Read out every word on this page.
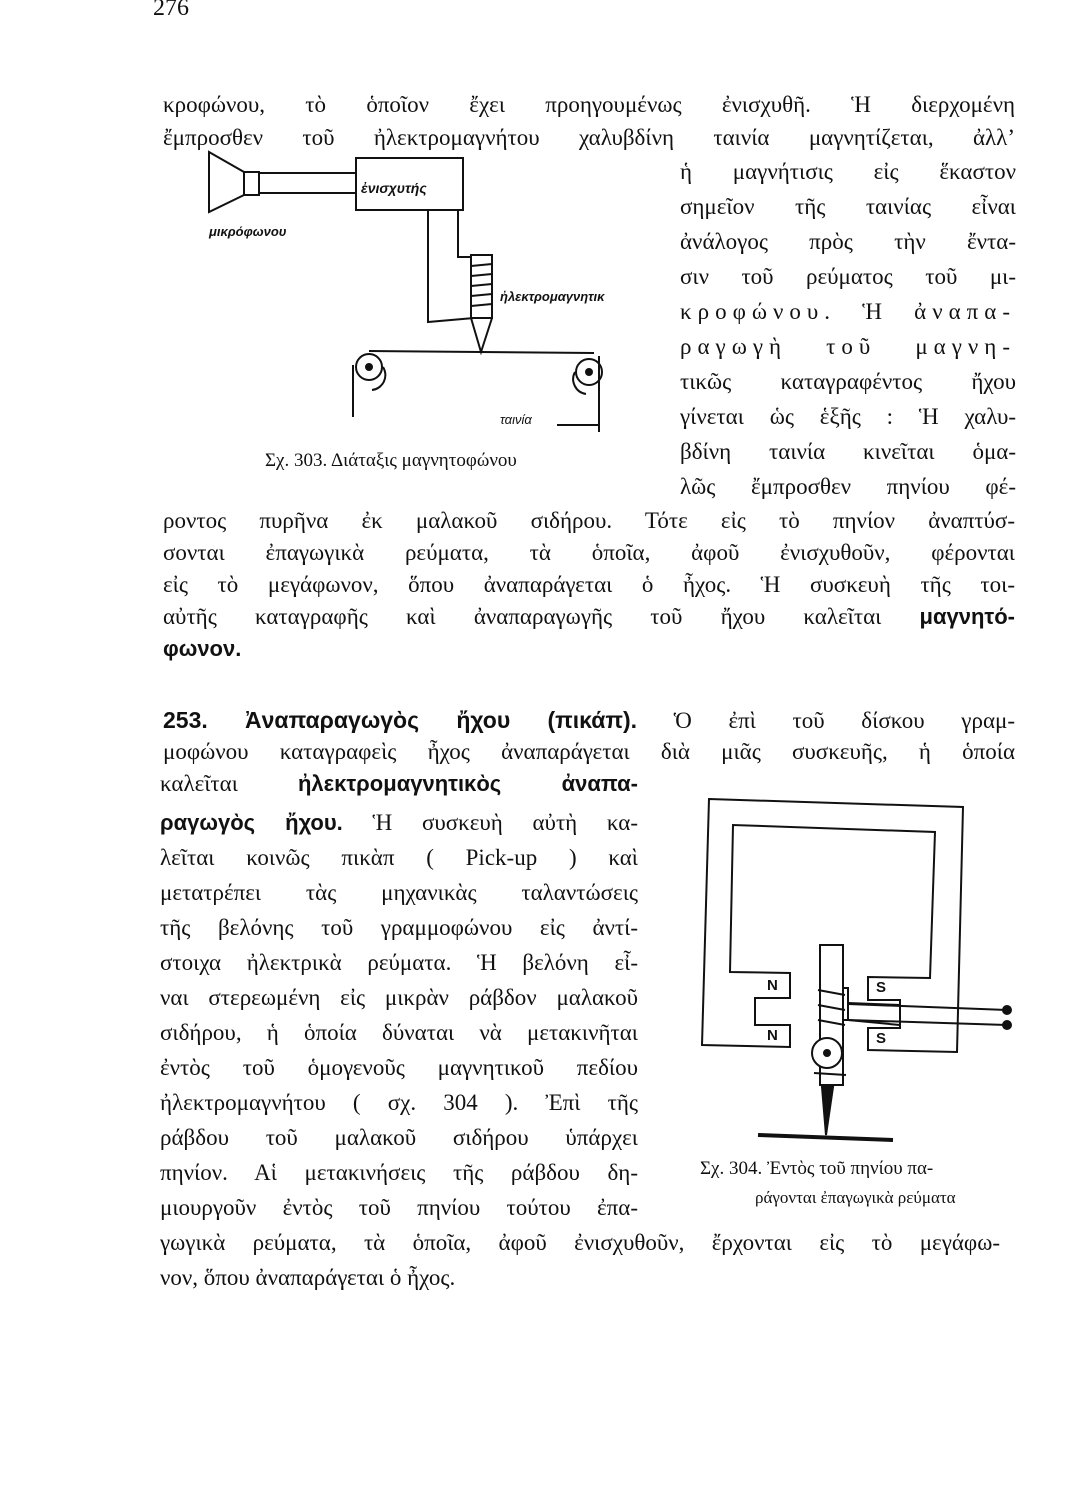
276
κροφώνου, τὸ ὁποῖον ἔχει προηγουμένως ἐνισχυθῆ. Ἡ διερχομένη
ἔμπροσθεν τοῦ ἠλεκτρομαγνήτου χαλυβδίνη ταινία μαγνητίζεται, ἀλλ’
ἡ μαγνήτισις εἰς ἕκαστον
σημεῖον τῆς ταινίας εἶναι
ἀνάλογος πρὸς τὴν ἔντα-
σιν τοῦ ρεύματος τοῦ μι-
κροφώνου. Ἡ ἀναπα-
ραγωγὴ τοῦ μαγνη-
τικῶς καταγραφέντος ἤχου
γίνεται ὡς ἑξῆς : Ἡ χαλυ-
βδίνη ταινία κινεῖται ὁμα-
λῶς ἔμπροσθεν πηνίου φέ-
ροντος πυρῆνα ἐκ μαλακοῦ σιδήρου. Τότε εἰς τὸ πηνίον ἀναπτύσ-
σονται ἐπαγωγικὰ ρεύματα, τὰ ὁποῖα, ἀφοῦ ἐνισχυθοῦν, φέρονται
εἰς τὸ μεγάφωνον, ὅπου ἀναπαράγεται ὁ ἦχος. Ἡ συσκευὴ τῆς τοι-
αὐτῆς καταγραφῆς καὶ ἀναπαραγωγῆς τοῦ ἤχου καλεῖται μαγνητό-
φωνον.
ἐνισχυτής
μικρόφωνου
ἠλεκτρομαγνητικ
ταινία
Σχ. 303. Διάταξις μαγνητοφώνου
253. Ἀναπαραγωγὸς ἤχου (πικάπ). Ὁ ἐπὶ τοῦ δίσκου γραμ-
μοφώνου καταγραφεὶς ἦχος ἀναπαράγεται διὰ μιᾶς συσκευῆς, ἡ ὁποία
καλεῖται	ἠλεκτρομαγνητικὸς ἀναπα-
ραγωγὸς ἤχου. Ἡ συσκευὴ αὐτὴ κα-
λεῖται κοινῶς πικὰπ ( Pick-up ) καὶ
μετατρέπει τὰς μηχανικὰς ταλαντώσεις
τῆς βελόνης τοῦ γραμμοφώνου εἰς ἀντί-
στοιχα ἠλεκτρικὰ ρεύματα. Ἡ βελόνη εἶ-
ναι στερεωμένη εἰς μικρὰν ράβδον μαλακοῦ
σιδήρου, ἡ ὁποία δύναται νὰ μετακινῆται
ἐντὸς τοῦ ὁμογενοῦς μαγνητικοῦ πεδίου
ἠλεκτρομαγνήτου ( σχ. 304 ). Ἐπὶ τῆς
ράβδου τοῦ μαλακοῦ σιδήρου ὑπάρχει
πηνίον. Αἱ μετακινήσεις τῆς ράβδου δη-
μιουργοῦν ἐντὸς τοῦ πηνίου τούτου ἐπα-
γωγικὰ ρεύματα, τὰ ὁποῖα, ἀφοῦ ἐνισχυθοῦν, ἔρχονται εἰς τὸ μεγάφω-
νον, ὅπου ἀναπαράγεται ὁ ἦχος.
N
N
S
S
Σχ. 304. Ἐντὸς τοῦ πηνίου πα-
ράγονται ἐπαγωγικὰ ρεύματα
